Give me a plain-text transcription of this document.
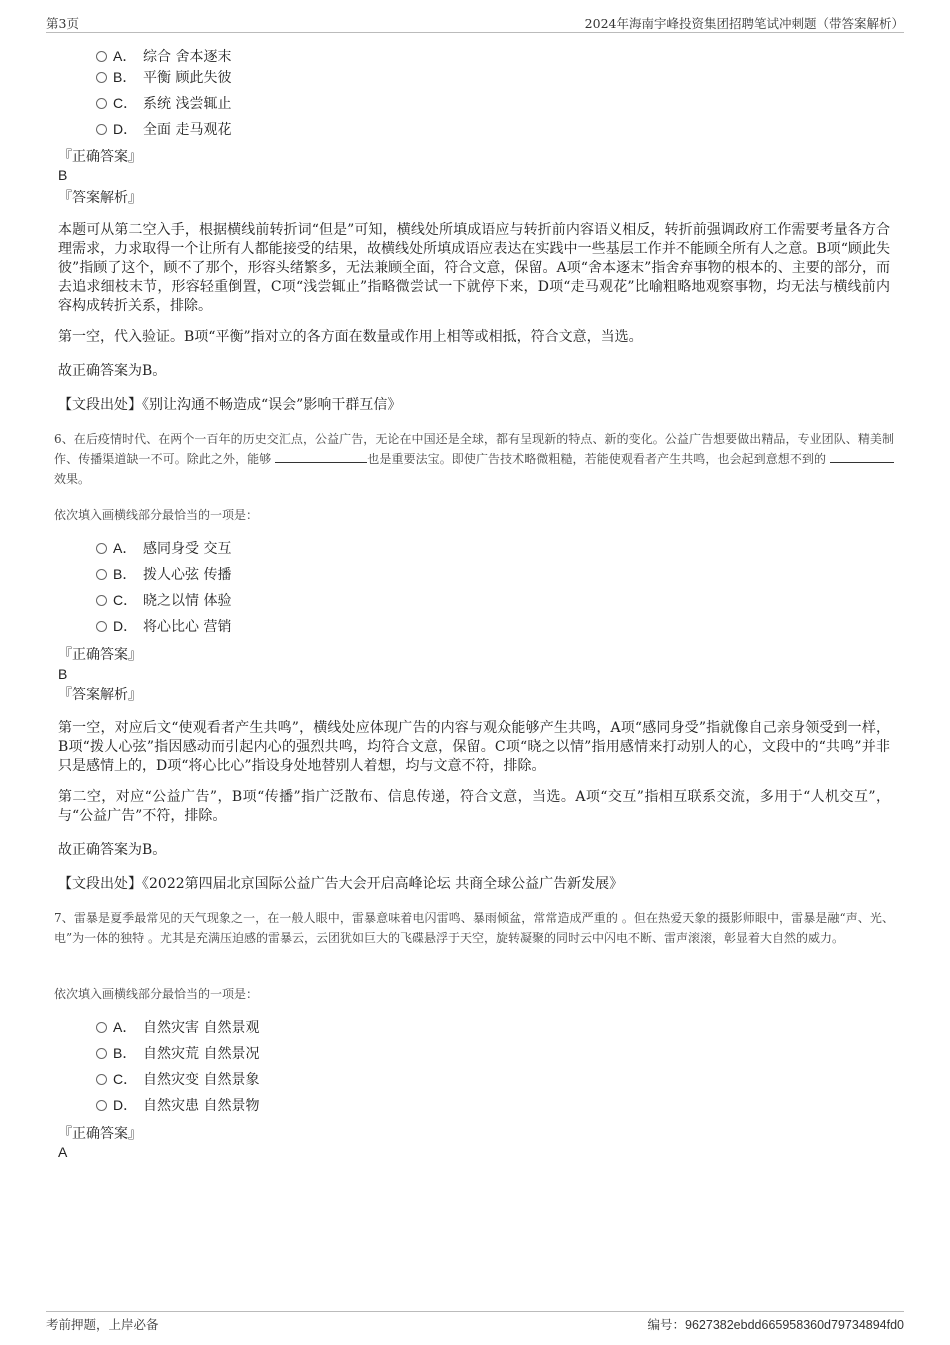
第3页	2024年海南宇峰投资集团招聘笔试冲刺题（带答案解析）
A． 综合 舍本逐末
B． 平衡 顾此失彼
C． 系统 浅尝辄止
D． 全面 走马观花
『正确答案』
B
『答案解析』
本题可从第二空入手，根据横线前转折词“但是”可知，横线处所填成语应与转折前内容语义相反，转折前强调政府工作需要考量各方合理需求，力求取得一个让所有人都能接受的结果，故横线处所填成语应表达在实践中一些基层工作并不能顾全所有人之意。B项“顾此失彼”指顾了这个，顾不了那个，形容头绪繁多，无法兼顾全面，符合文意，保留。A项“舍本逐末”指舍弃事物的根本的、主要的部分，而去追求细枝末节，形容轻重倒置，C项“浅尝辄止”指略微尝试一下就停下来，D项“走马观花”比喻粗略地观察事物，均无法与横线前内容构成转折关系，排除。
第一空，代入验证。B项“平衡”指对立的各方面在数量或作用上相等或相抵，符合文意，当选。
故正确答案为B。
【文段出处】《别让沟通不畅造成“误会”影响干群互信》
6、在后疫情时代、在两个一百年的历史交汇点，公益广告，无论在中国还是全球，都有呈现新的特点、新的变化。公益广告想要做出精品，专业团队、精美制作、传播渠道缺一不可。除此之外，能够	也是重要法宝。即使广告技术略微粗糙，若能使观看者产生共鸣，也会起到意想不到的 效果。
依次填入画横线部分最恰当的一项是：
A． 感同身受 交互
B． 拨人心弦 传播
C． 晓之以情 体验
D． 将心比心 营销
『正确答案』
B
『答案解析』
第一空，对应后文“使观看者产生共鸣”，横线处应体现广告的内容与观众能够产生共鸣，A项“感同身受”指就像自己亲身领受到一样，B项“拨人心弦”指因感动而引起内心的强烈共鸣，均符合文意，保留。C项“晓之以情”指用感情来打动别人的心，文段中的“共鸣”并非只是感情上的，D项“将心比心”指设身处地替别人着想，均与文意不符，排除。
第二空，对应“公益广告”，B项“传播”指广泛散布、信息传递，符合文意，当选。A项“交互”指相互联系交流，多用于“人机交互”，与“公益广告”不符，排除。
故正确答案为B。
【文段出处】《2022第四届北京国际公益广告大会开启高峰论坛 共商全球公益广告新发展》
7、雷暴是夏季最常见的天气现象之一，在一般人眼中，雷暴意味着电闪雷鸣、暴雨倾盆，常常造成严重的 。但在热爱天象的摄影师眼中，雷暴是融“声、光、电”为一体的独特 。尤其是充满压迫感的雷暴云，云团犹如巨大的飞碟悬浮于天空，旋转凝聚的同时云中闪电不断、雷声滚滚，彰显着大自然的威力。
依次填入画横线部分最恰当的一项是：
A． 自然灾害 自然景观
B． 自然灾荒 自然景况
C． 自然灾变 自然景象
D． 自然灾患 自然景物
『正确答案』
A
考前押题，上岸必备	编号：9627382ebdd665958360d79734894fd0
